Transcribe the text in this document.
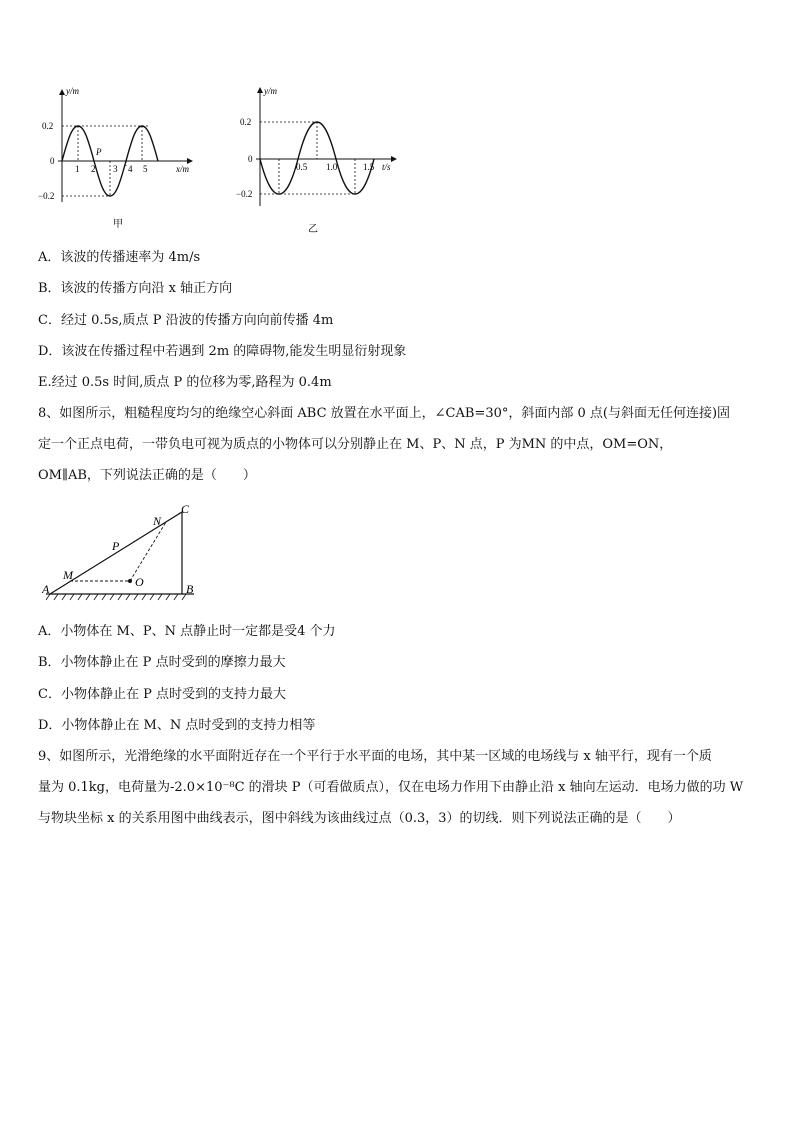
y/m
0.2
0
−0.2
1 2 3 4 5	x/m
P
甲
y/m
0.2
0
−0.2
0.5 1.0	1.5 t/s
乙
A．该波的传播速率为 4m/s
B．该波的传播方向沿 x 轴正方向
C．经过 0.5s,质点 P 沿波的传播方向向前传播 4m
D．该波在传播过程中若遇到 2m 的障碍物,能发生明显衍射现象
E.经过 0.5s 时间,质点 P 的位移为零,路程为 0.4m
8、如图所示，粗糙程度均匀的绝缘空心斜面 ABC 放置在水平面上，∠CAB=30°，斜面内部 0 点(与斜面无任何连接)固
定一个正点电荷，一带负电可视为质点的小物体可以分别静止在 M、P、N 点，P 为MN 的中点，OM=ON，
OM∥AB，下列说法正确的是（　　）
A	B
C
M
N
P
O
A．小物体在 M、P、N 点静止时一定都是受4 个力
B．小物体静止在 P 点时受到的摩擦力最大
C．小物体静止在 P 点时受到的支持力最大
D．小物体静止在 M、N 点时受到的支持力相等
9、如图所示，光滑绝缘的水平面附近存在一个平行于水平面的电场，其中某一区域的电场线与 x 轴平行，现有一个质
量为 0.1kg，电荷量为-2.0×10⁻⁸C 的滑块 P（可看做质点），仅在电场力作用下由静止沿 x 轴向左运动．电场力做的功 W
与物块坐标 x 的关系用图中曲线表示，图中斜线为该曲线过点（0.3，3）的切线．则下列说法正确的是（　　）
